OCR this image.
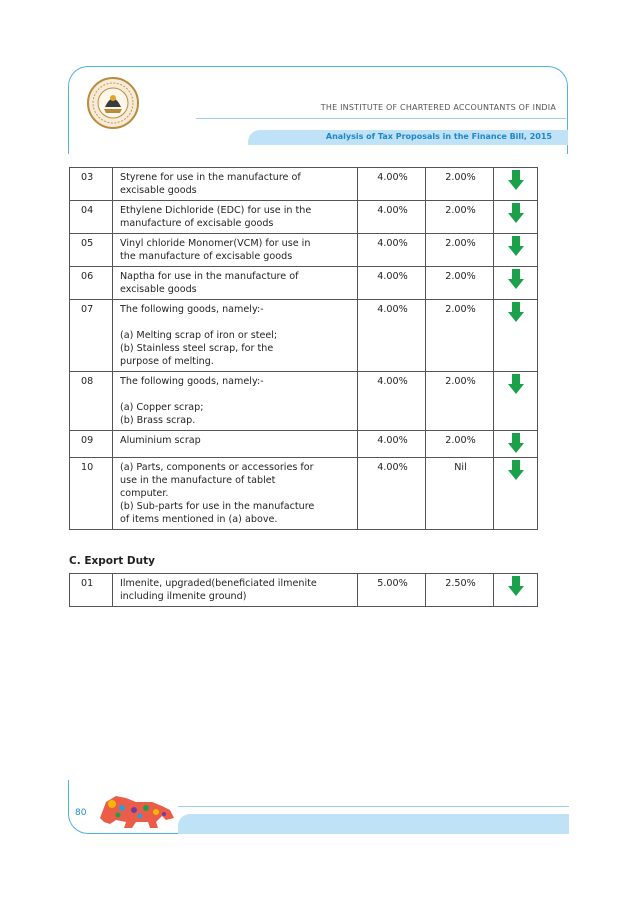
THE INSTITUTE OF CHARTERED ACCOUNTANTS OF INDIA
Analysis of Tax Proposals in the Finance Bill, 2015
03	Styrene for use in the manufacture of
excisable goods	4.00%	2.00%	
04	Ethylene Dichloride (EDC) for use in the
manufacture of excisable goods	4.00%	2.00%	
05	Vinyl chloride Monomer(VCM) for use in
the manufacture of excisable goods	4.00%	2.00%	
06	Naptha for use in the manufacture of
excisable goods	4.00%	2.00%	
07	The following goods, namely:-

(a) Melting scrap of iron or steel;
(b) Stainless steel scrap, for the
purpose of melting.	4.00%	2.00%	
08	The following goods, namely:-

(a) Copper scrap;
(b) Brass scrap.	4.00%	2.00%	
09	Aluminium scrap	4.00%	2.00%	
10	(a) Parts, components or accessories for
use in the manufacture of tablet
computer.
(b) Sub-parts for use in the manufacture
of items mentioned in (a) above.	4.00%	Nil	
C. Export Duty
01	Ilmenite, upgraded(beneficiated ilmenite
including ilmenite ground)
	5.00%	2.50%	
80
